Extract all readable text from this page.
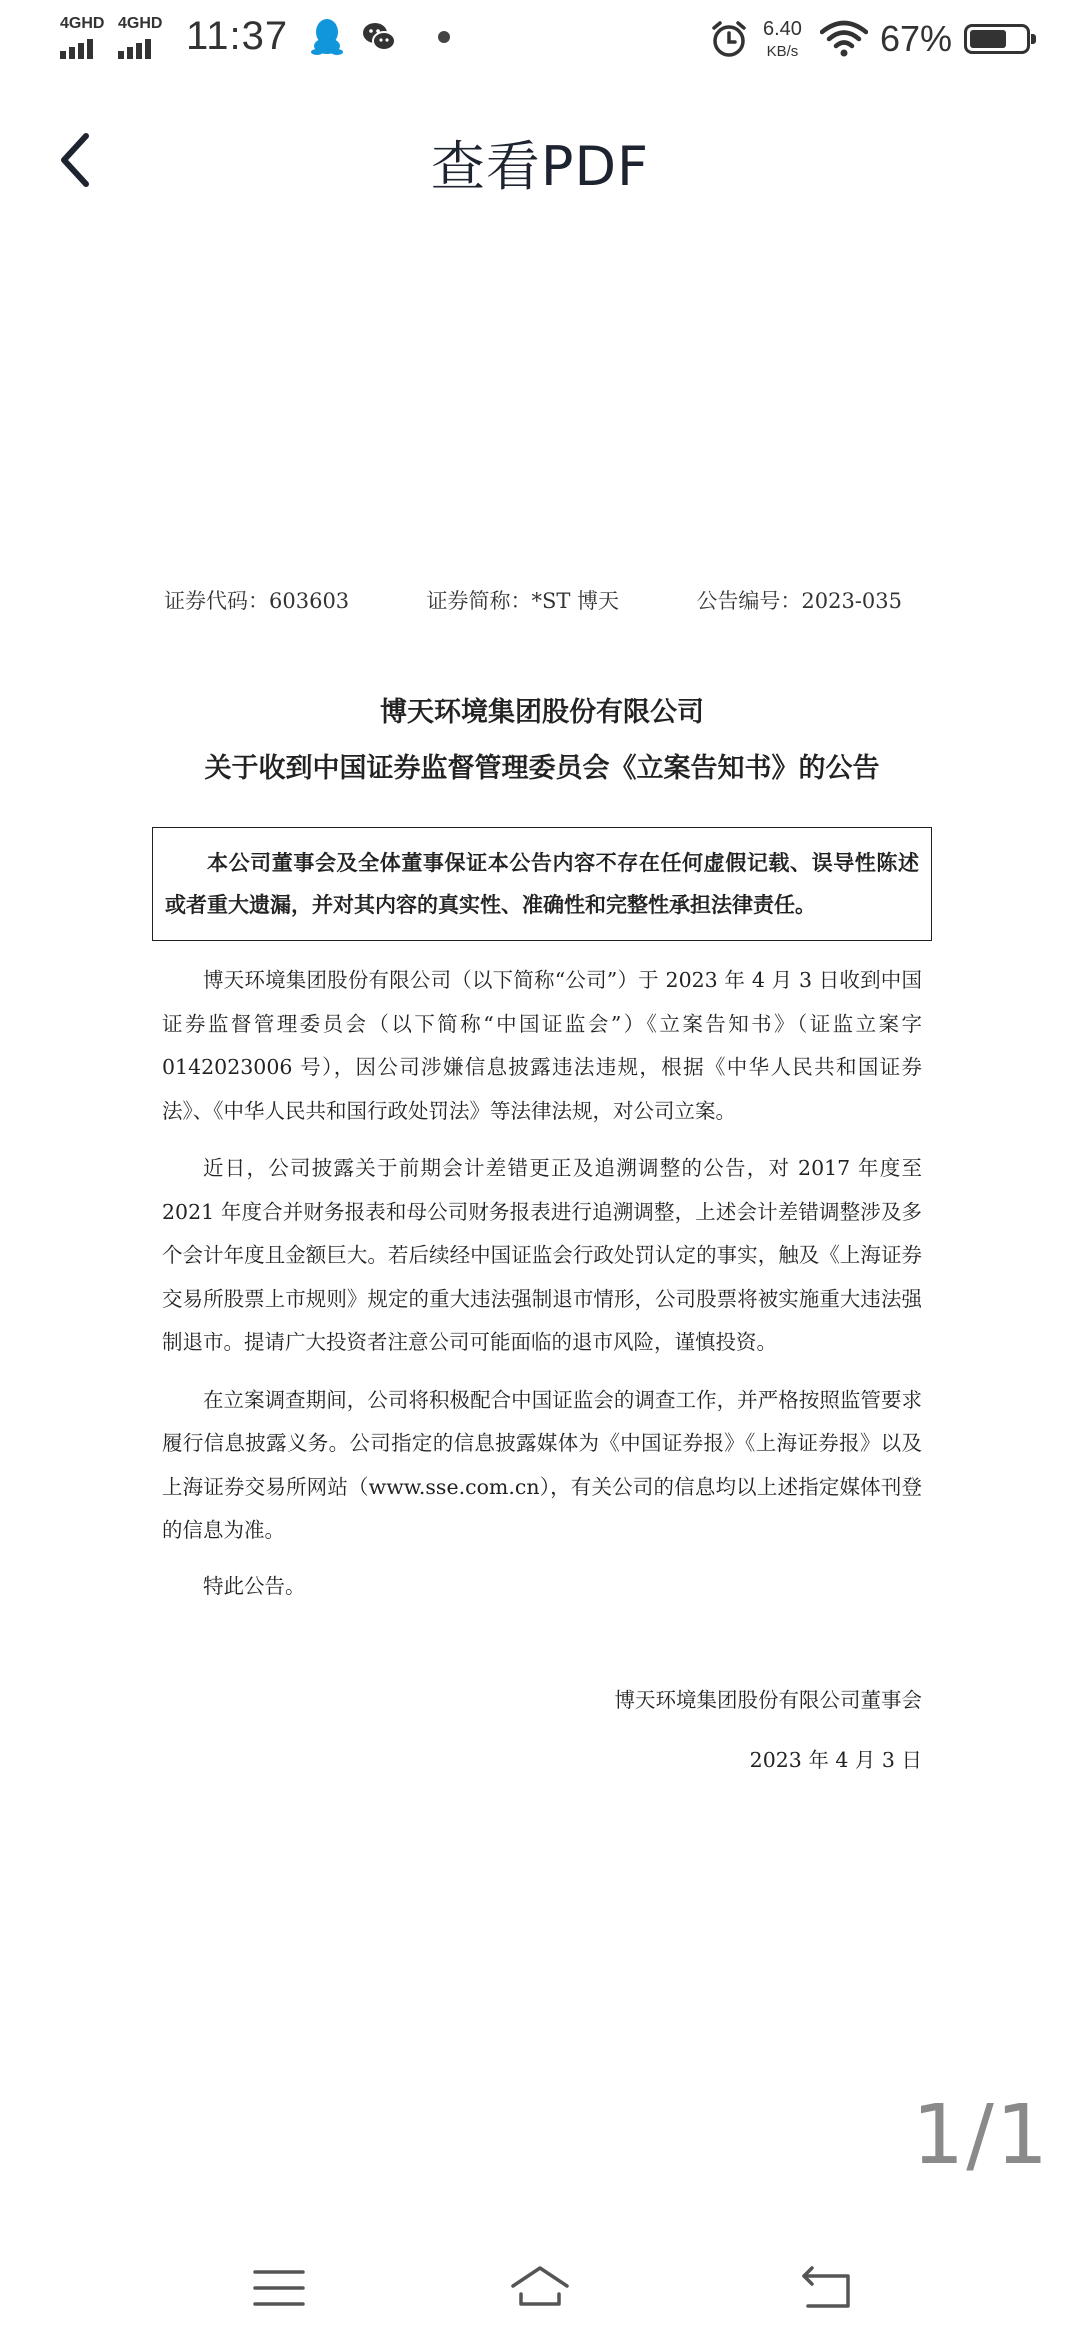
4GHD 4GHD 11:37	6.40
KB/s 67%
查看PDF
证券代码：603603	证券简称：*ST 博天	公告编号：2023-035
博天环境集团股份有限公司
关于收到中国证券监督管理委员会《立案告知书》的公告
本公司董事会及全体董事保证本公告内容不存在任何虚假记载、误导性陈述或者重大遗漏，并对其内容的真实性、准确性和完整性承担法律责任。

博天环境集团股份有限公司（以下简称“公司”）于 2023 年 4 月 3 日收到中国证券监督管理委员会（以下简称“中国证监会”）《立案告知书》（证监立案字 0142023006 号），因公司涉嫌信息披露违法违规，根据《中华人民共和国证券法》、《中华人民共和国行政处罚法》等法律法规，对公司立案。

近日，公司披露关于前期会计差错更正及追溯调整的公告，对 2017 年度至 2021 年度合并财务报表和母公司财务报表进行追溯调整，上述会计差错调整涉及多个会计年度且金额巨大。若后续经中国证监会行政处罚认定的事实，触及《上海证券交易所股票上市规则》规定的重大违法强制退市情形，公司股票将被实施重大违法强制退市。提请广大投资者注意公司可能面临的退市风险，谨慎投资。

在立案调查期间，公司将积极配合中国证监会的调查工作，并严格按照监管要求履行信息披露义务。公司指定的信息披露媒体为《中国证券报》《上海证券报》以及上海证券交易所网站（www.sse.com.cn），有关公司的信息均以上述指定媒体刊登的信息为准。

特此公告。

博天环境集团股份有限公司董事会
2023 年 4 月 3 日
1/1
